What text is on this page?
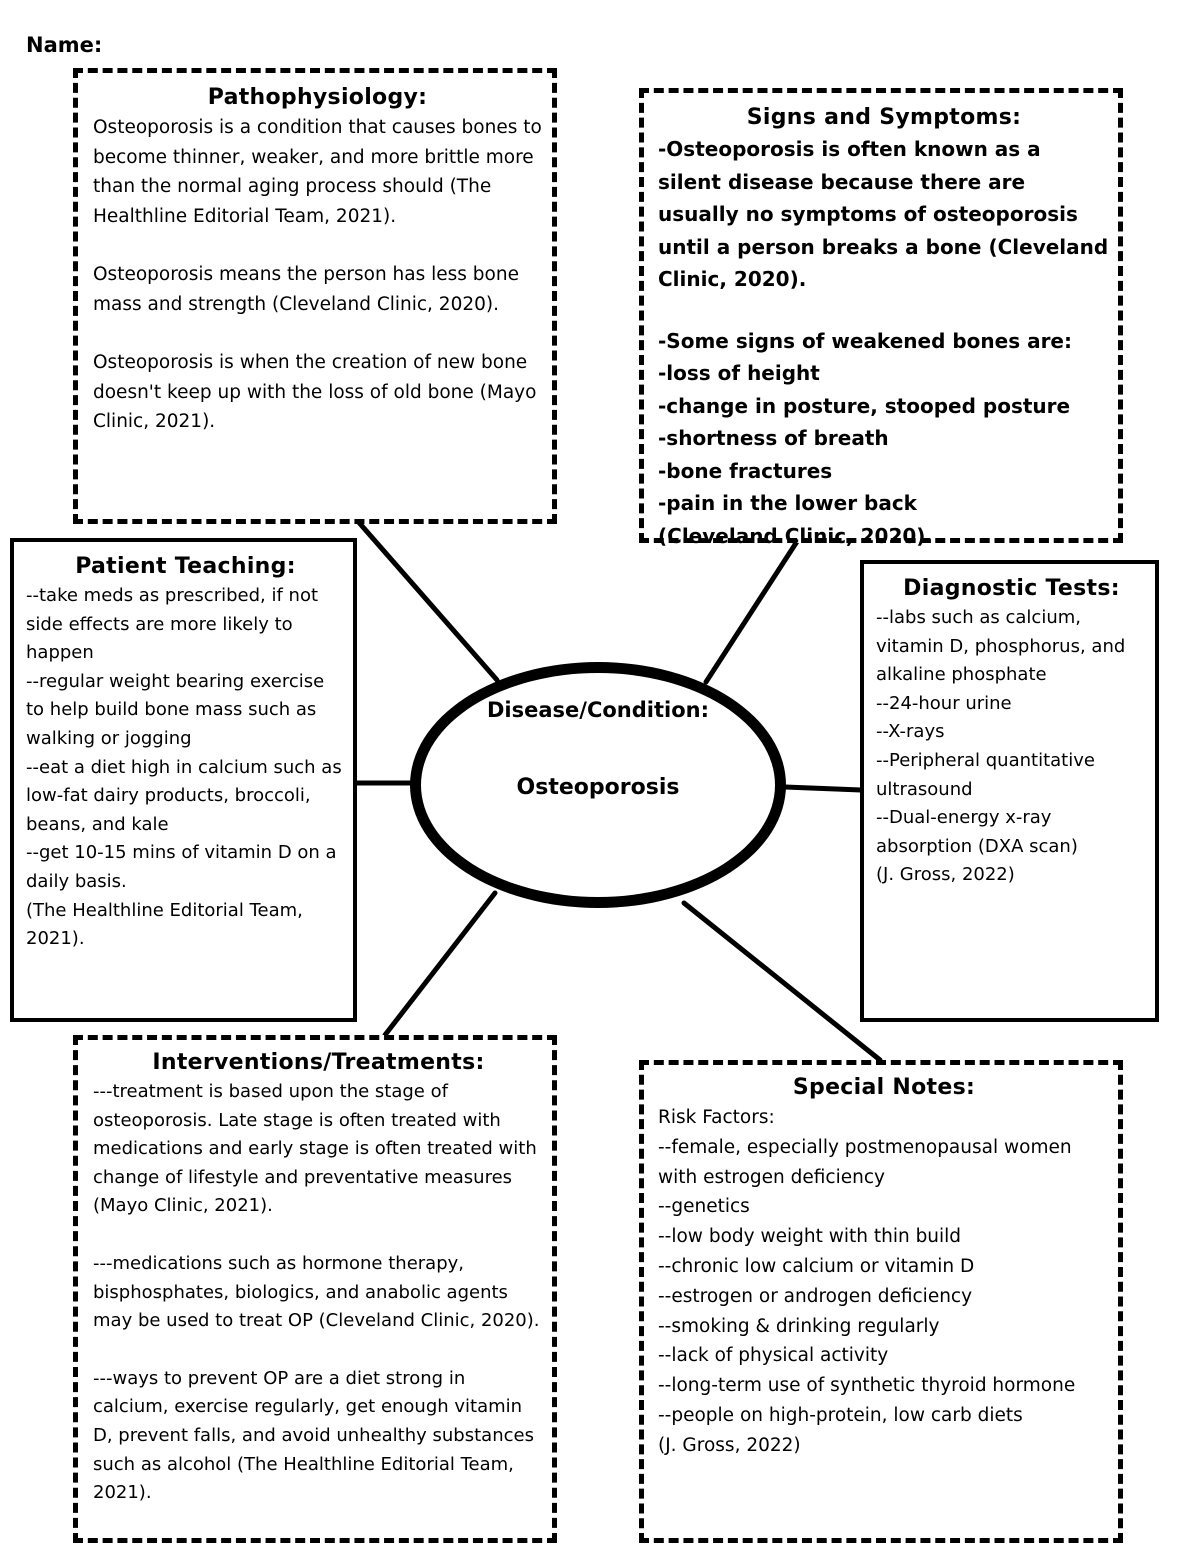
Name:
Pathophysiology:

Osteoporosis is a condition that causes bones to become thinner, weaker, and more brittle more than the normal aging process should (The Healthline Editorial Team, 2021).

Osteoporosis means the person has less bone mass and strength (Cleveland Clinic, 2020).

Osteoporosis is when the creation of new bone doesn't keep up with the loss of old bone (Mayo Clinic, 2021).

Signs and Symptoms:

-Osteoporosis is often known as a silent disease because there are usually no symptoms of osteoporosis until a person breaks a bone (Cleveland Clinic, 2020).

-Some signs of weakened bones are:
-loss of height
-change in posture, stooped posture
-shortness of breath
-bone fractures
-pain in the lower back
(Cleveland Clinic, 2020).

Patient Teaching:
--take meds as prescribed, if not side effects are more likely to happen
--regular weight bearing exercise to help build bone mass such as walking or jogging
--eat a diet high in calcium such as low-fat dairy products, broccoli, beans, and kale
--get 10-15 mins of vitamin D on a daily basis.
(The Healthline Editorial Team, 2021).
Diagnostic Tests:
--labs such as calcium, vitamin D, phosphorus, and alkaline phosphate
--24-hour urine
--X-rays
--Peripheral quantitative ultrasound
--Dual-energy x-ray absorption (DXA scan)
(J. Gross, 2022)
Interventions/Treatments:

---treatment is based upon the stage of osteoporosis. Late stage is often treated with medications and early stage is often treated with change of lifestyle and preventative measures (Mayo Clinic, 2021).

---medications such as hormone therapy, bisphosphates, biologics, and anabolic agents may be used to treat OP (Cleveland Clinic, 2020).

---ways to prevent OP are a diet strong in calcium, exercise regularly, get enough vitamin D, prevent falls, and avoid unhealthy substances such as alcohol (The Healthline Editorial Team, 2021).

Special Notes:
Risk Factors:
--female, especially postmenopausal women with estrogen deficiency
--genetics
--low body weight with thin build
--chronic low calcium or vitamin D
--estrogen or androgen deficiency
--smoking & drinking regularly
--lack of physical activity
--long-term use of synthetic thyroid hormone
--people on high-protein, low carb diets
(J. Gross, 2022)
Disease/Condition:
Osteoporosis
